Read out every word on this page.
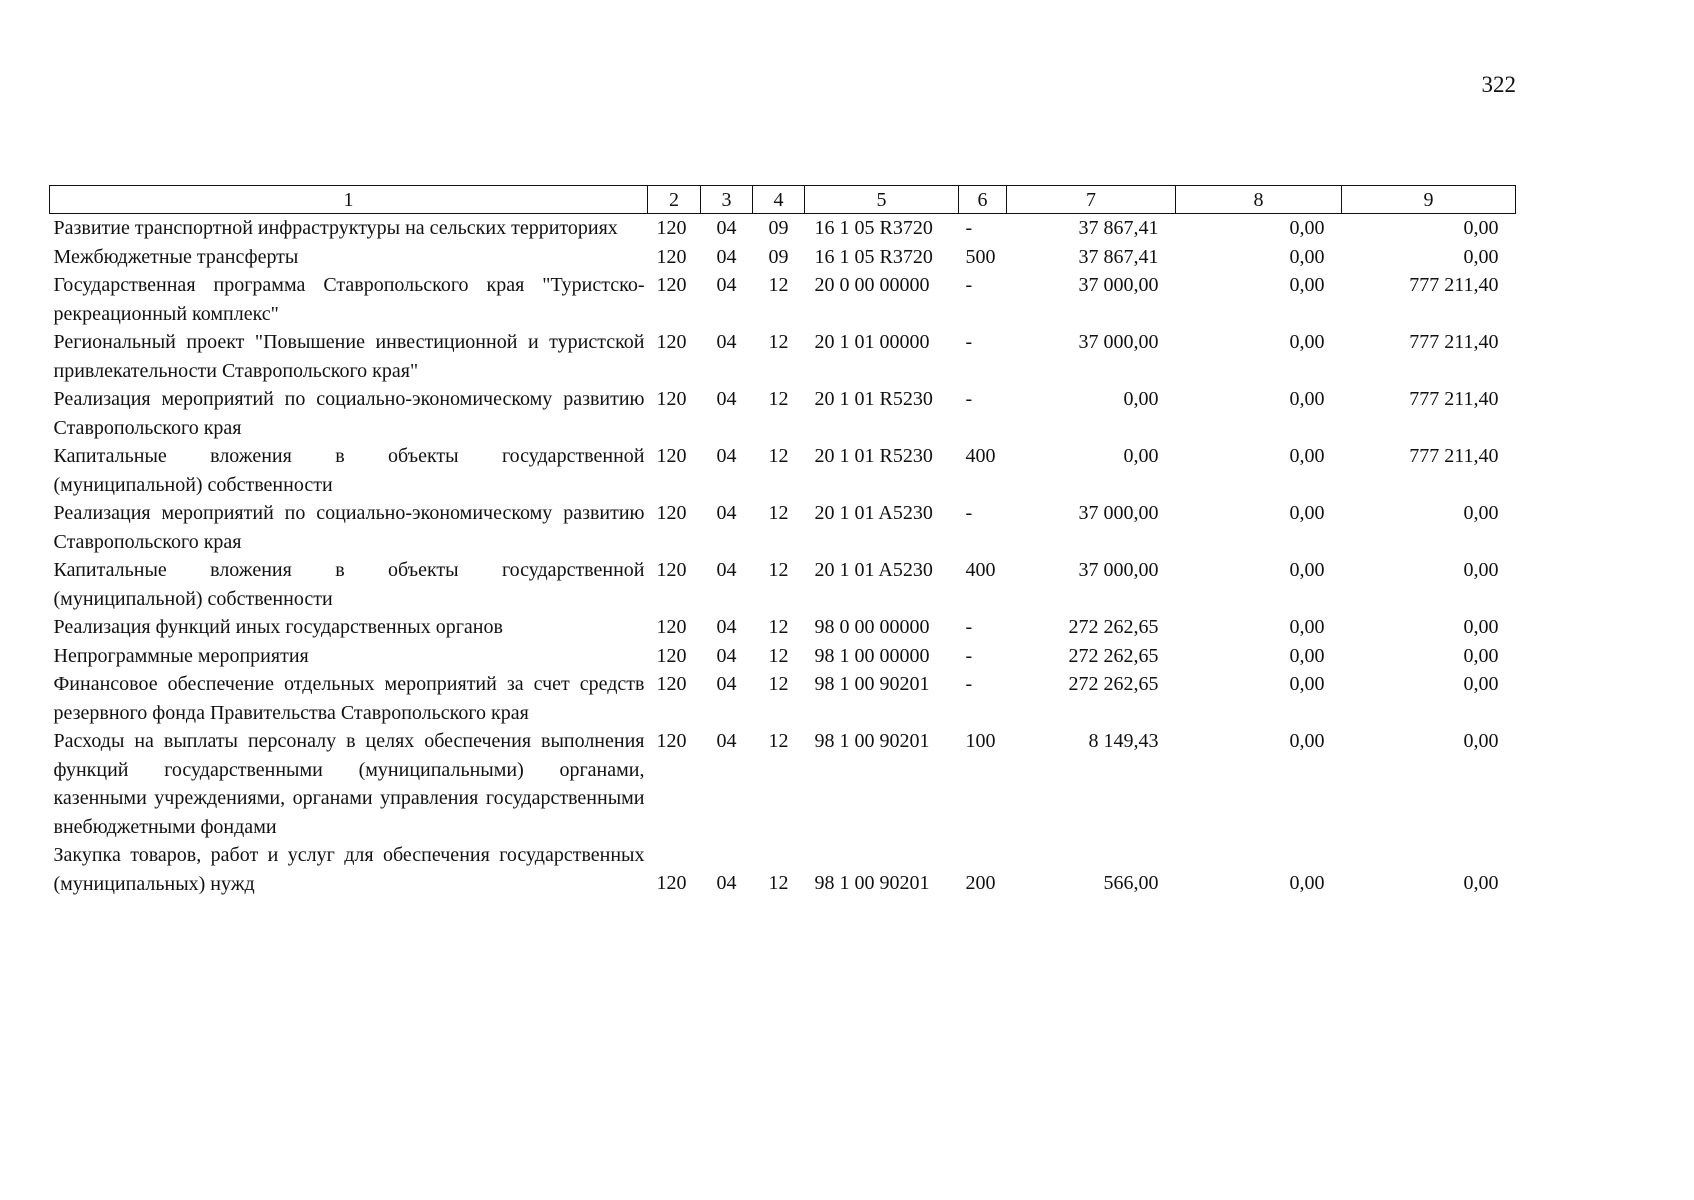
322
1	2	3	4	5	6	7	8	9
Развитие транспортной инфраструктуры на сельских территориях	120	04	09	16 1 05 R3720	-	37 867,41	0,00	0,00
Межбюджетные трансферты	120	04	09	16 1 05 R3720	500	37 867,41	0,00	0,00
Государственная программа Ставропольского края "Туристско-рекреационный комплекс"	120	04	12	20 0 00 00000	-	37 000,00	0,00	777 211,40
Региональный проект "Повышение инвестиционной и туристской привлекательности Ставропольского края"	120	04	12	20 1 01 00000	-	37 000,00	0,00	777 211,40
Реализация мероприятий по социально-экономическому развитию Ставропольского края	120	04	12	20 1 01 R5230	-	0,00	0,00	777 211,40
Капитальные вложения в объекты государственной (муниципальной) собственности	120	04	12	20 1 01 R5230	400	0,00	0,00	777 211,40
Реализация мероприятий по социально-экономическому развитию Ставропольского края	120	04	12	20 1 01 A5230	-	37 000,00	0,00	0,00
Капитальные вложения в объекты государственной (муниципальной) собственности	120	04	12	20 1 01 A5230	400	37 000,00	0,00	0,00
Реализация функций иных государственных органов	120	04	12	98 0 00 00000	-	272 262,65	0,00	0,00
Непрограммные мероприятия	120	04	12	98 1 00 00000	-	272 262,65	0,00	0,00
Финансовое обеспечение отдельных мероприятий за счет средств резервного фонда Правительства Ставропольского края	120	04	12	98 1 00 90201	-	272 262,65	0,00	0,00
Расходы на выплаты персоналу в целях обеспечения выполнения функций государственными (муниципальными) органами, казенными учреждениями, органами управления государственными внебюджетными фондами	120	04	12	98 1 00 90201	100	8 149,43	0,00	0,00
Закупка товаров, работ и услуг для обеспечения государственных (муниципальных) нужд	120	04	12	98 1 00 90201	200	566,00	0,00	0,00
